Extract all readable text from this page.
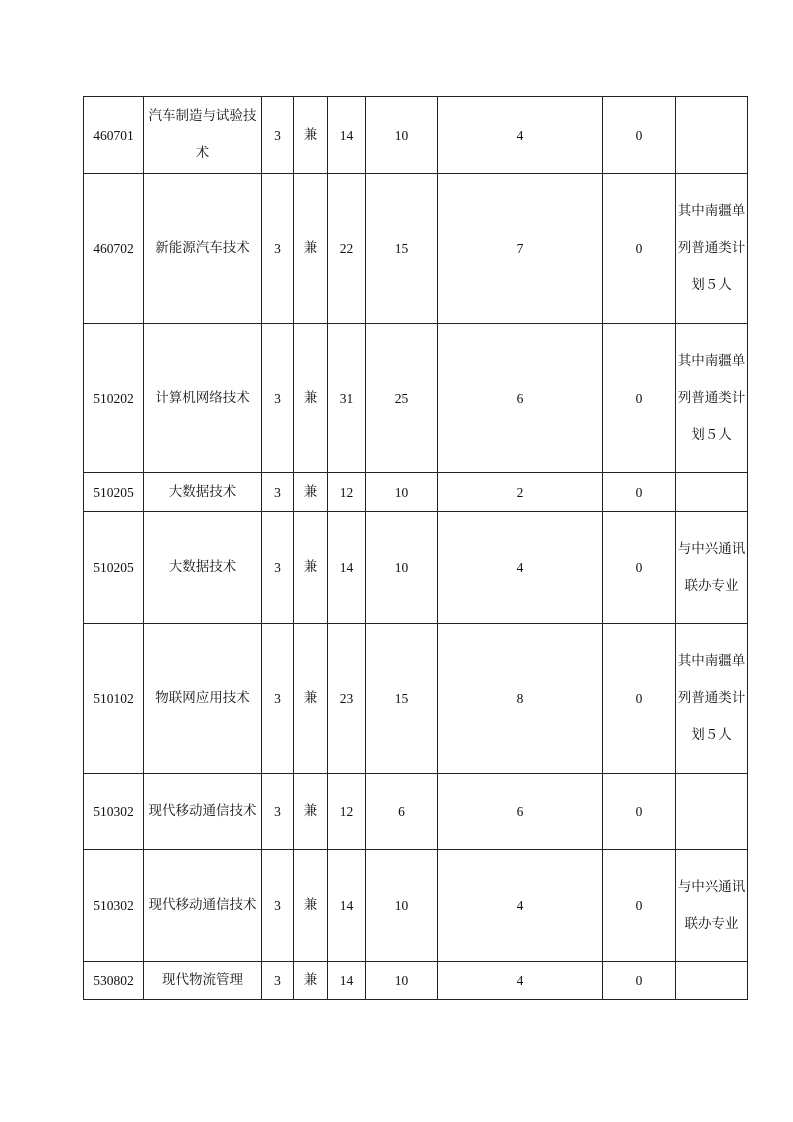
460701	汽车制造与试验技术	3	兼	14	10	4	0	
460702	新能源汽车技术	3	兼	22	15	7	0	其中南疆单列普通类计划５人
510202	计算机网络技术	3	兼	31	25	6	0	其中南疆单列普通类计划５人
510205	大数据技术	3	兼	12	10	2	0	
510205	大数据技术	3	兼	14	10	4	0	与中兴通讯联办专业
510102	物联网应用技术	3	兼	23	15	8	0	其中南疆单列普通类计划５人
510302	现代移动通信技术	3	兼	12	6	6	0	
510302	现代移动通信技术	3	兼	14	10	4	0	与中兴通讯联办专业
530802	现代物流管理	3	兼	14	10	4	0	
